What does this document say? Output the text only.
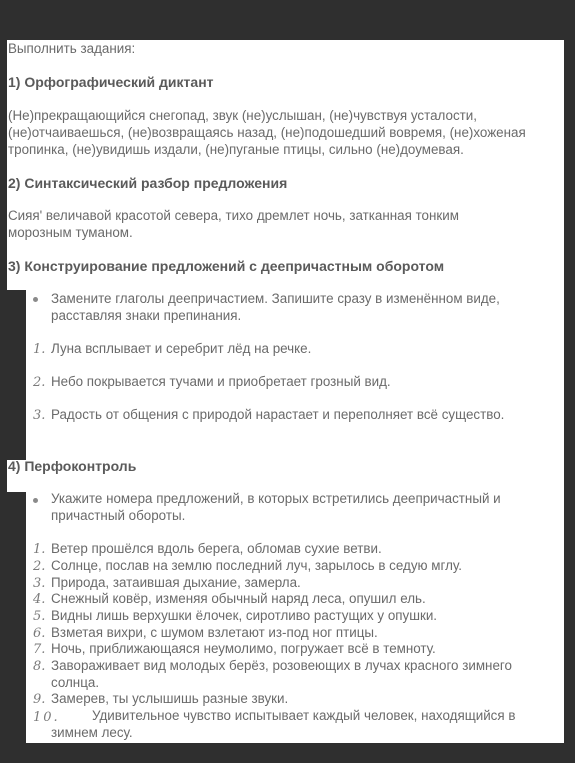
Выполнить задания:
1) Орфографический диктант
(Не)прекращающийся снегопад, звук (не)услышан, (не)чувствуя усталости,
(не)отчаиваешься, (не)возвращаясь назад, (не)подошедший вовремя, (не)хоженая
тропинка, (не)увидишь издали, (не)пуганые птицы, сильно (не)доумевая.
2) Синтаксический разбор предложения
Сияя' величавой красотой севера, тихо дремлет ночь, затканная тонким
морозным туманом.
3) Конструирование предложений с деепричастным оборотом
Замените глаголы деепричастием. Запишите сразу в изменённом виде,
расставляя знаки препинания.
1. Луна всплывает и серебрит лёд на речке.
2. Небо покрывается тучами и приобретает грозный вид.
3. Радость от общения с природой нарастает и переполняет всё существо.
4) Перфоконтроль
Укажите номера предложений, в которых встретились деепричастный и
причастный обороты.
1. Ветер прошёлся вдоль берега, обломав сухие ветви.
2. Солнце, послав на землю последний луч, зарылось в седую мглу.
3. Природа, затаившая дыхание, замерла.
4. Снежный ковёр, изменяя обычный наряд леса, опушил ель.
5. Видны лишь верхушки ёлочек, сиротливо растущих у опушки.
6. Взметая вихри, с шумом взлетают из-под ног птицы.
7. Ночь, приближающаяся неумолимо, погружает всё в темноту.
8. Завораживает вид молодых берёз, розовеющих в лучах красного зимнего
солнца.
9. Замерев, ты услышишь разные звуки.
10. Удивительное чувство испытывает каждый человек, находящийся в
зимнем лесу.
